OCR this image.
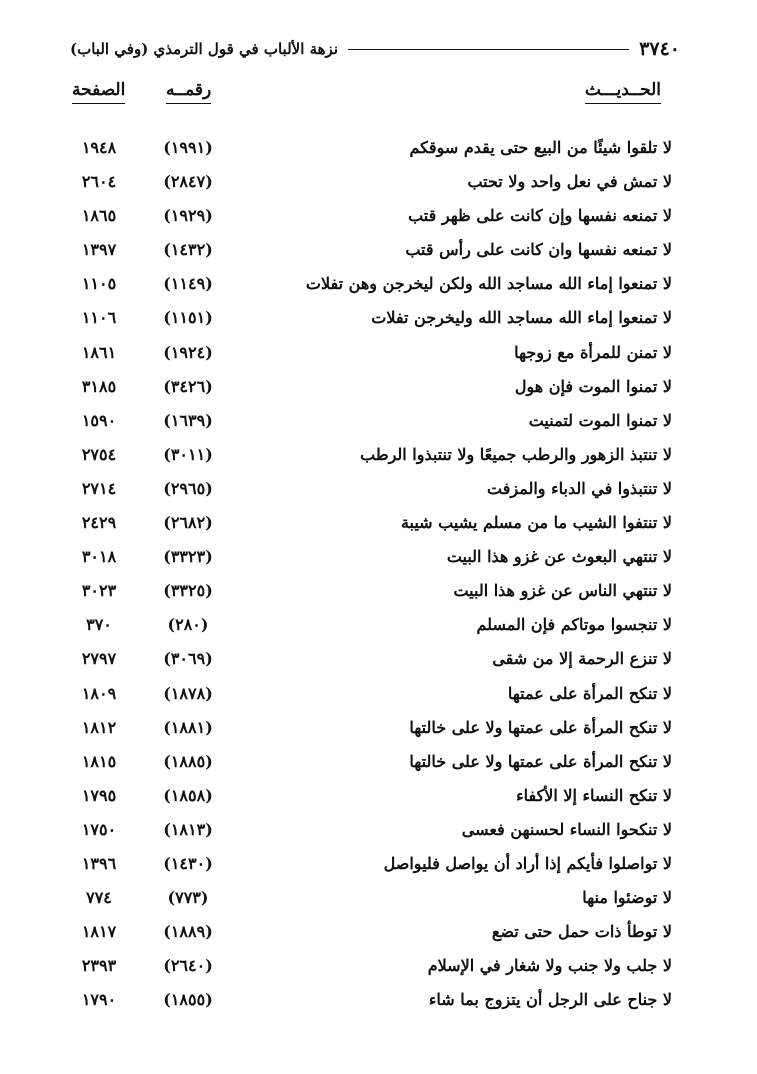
٣٧٤٠
نزهة الألباب في قول الترمذي (وفي الباب)
الحــديـــث
رقمــه
الصفحة
لا تلقوا شيئًا من البيع حتى يقدم سوقكم
(١٩٩١)
١٩٤٨
لا تمش في نعل واحد ولا تحتب
(٢٨٤٧)
٢٦٠٤
لا تمنعه نفسها وإن كانت على ظهر قتب
(١٩٢٩)
١٨٦٥
لا تمنعه نفسها وان كانت على رأس قتب
(١٤٣٢)
١٣٩٧
لا تمنعوا إماء الله مساجد الله ولكن ليخرجن وهن تفلات
(١١٤٩)
١١٠٥
لا تمنعوا إماء الله مساجد الله وليخرجن تفلات
(١١٥١)
١١٠٦
لا تمنن للمرأة مع زوجها
(١٩٢٤)
١٨٦١
لا تمنوا الموت فإن هول
(٣٤٢٦)
٣١٨٥
لا تمنوا الموت لتمنيت
(١٦٣٩)
١٥٩٠
لا تنتبذ الزهور والرطب جميعًا ولا تنتبذوا الرطب
(٣٠١١)
٢٧٥٤
لا تنتبذوا في الدباء والمزفت
(٢٩٦٥)
٢٧١٤
لا تنتفوا الشيب ما من مسلم يشيب شيبة
(٢٦٨٢)
٢٤٢٩
لا تنتهي البعوث عن غزو هذا البيت
(٣٣٢٣)
٣٠١٨
لا تنتهي الناس عن غزو هذا البيت
(٣٣٢٥)
٣٠٢٣
لا تنجسوا موتاكم فإن المسلم
(٢٨٠)
٣٧٠
لا تنزع الرحمة إلا من شقى
(٣٠٦٩)
٢٧٩٧
لا تنكح المرأة على عمتها
(١٨٧٨)
١٨٠٩
لا تنكح المرأة على عمتها ولا على خالتها
(١٨٨١)
١٨١٢
لا تنكح المرأة على عمتها ولا على خالتها
(١٨٨٥)
١٨١٥
لا تنكح النساء إلا الأكفاء
(١٨٥٨)
١٧٩٥
لا تنكحوا النساء لحسنهن فعسى
(١٨١٣)
١٧٥٠
لا تواصلوا فأيكم إذا أراد أن يواصل فليواصل
(١٤٣٠)
١٣٩٦
لا توضئوا منها
(٧٧٣)
٧٧٤
لا توطأ ذات حمل حتى تضع
(١٨٨٩)
١٨١٧
لا جلب ولا جنب ولا شغار في الإسلام
(٢٦٤٠)
٢٣٩٣
لا جناح على الرجل أن يتزوج بما شاء
(١٨٥٥)
١٧٩٠
